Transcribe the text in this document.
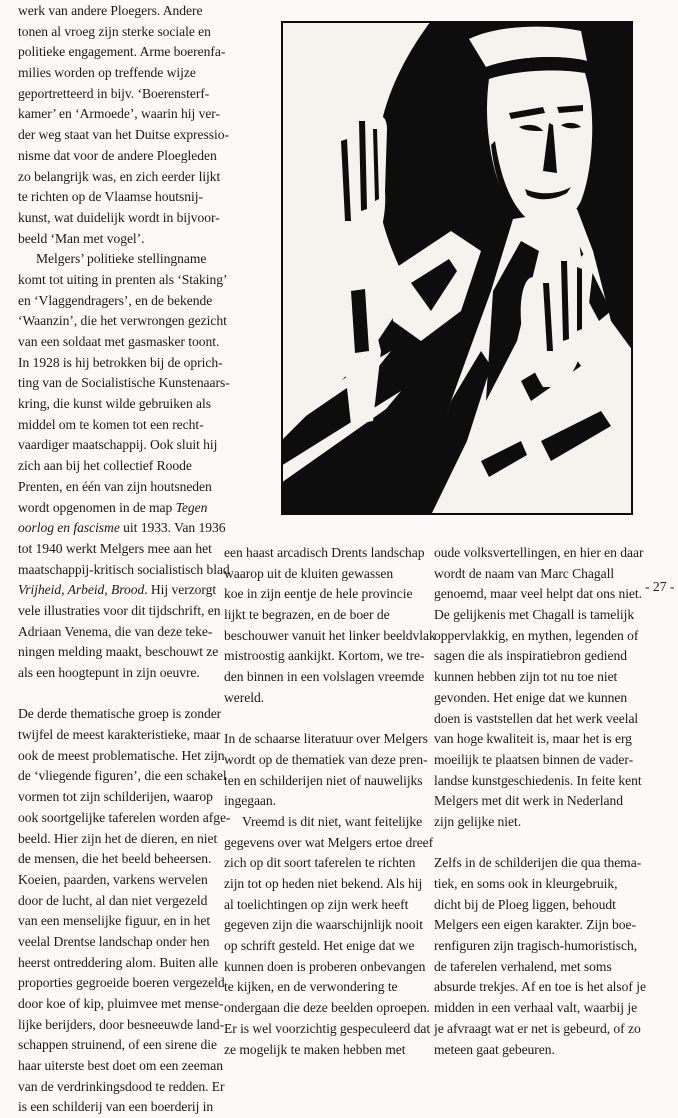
werk van andere Ploegers. Andere
tonen al vroeg zijn sterke sociale en
politieke engagement. Arme boerenfa-
milies worden op treffende wijze
geportretteerd in bijv. ‘Boerensterf-
kamer’ en ‘Armoede’, waarin hij ver-
der weg staat van het Duitse expressio-
nisme dat voor de andere Ploegleden
zo belangrijk was, en zich eerder lijkt
te richten op de Vlaamse houtsnij-
kunst, wat duidelijk wordt in bijvoor-
beeld ‘Man met vogel’.
Melgers’ politieke stellingname
komt tot uiting in prenten als ‘Staking’
en ‘Vlaggendragers’, en de bekende
‘Waanzin’, die het verwrongen gezicht
van een soldaat met gasmasker toont.
In 1928 is hij betrokken bij de oprich-
ting van de Socialistische Kunstenaars-
kring, die kunst wilde gebruiken als
middel om te komen tot een recht-
vaardiger maatschappij. Ook sluit hij
zich aan bij het collectief Roode
Prenten, en één van zijn houtsneden
wordt opgenomen in de map Tegen
oorlog en fascisme uit 1933. Van 1936
tot 1940 werkt Melgers mee aan het
maatschappij-kritisch socialistisch blad
Vrijheid, Arbeid, Brood. Hij verzorgt
vele illustraties voor dit tijdschrift, en
Adriaan Venema, die van deze teke-
ningen melding maakt, beschouwt ze
als een hoogtepunt in zijn oeuvre.
De derde thematische groep is zonder
twijfel de meest karakteristieke, maar
ook de meest problematische. Het zijn
de ‘vliegende figuren’, die een schakel
vormen tot zijn schilderijen, waarop
ook soortgelijke taferelen worden afge-
beeld. Hier zijn het de dieren, en niet
de mensen, die het beeld beheersen.
Koeien, paarden, varkens wervelen
door de lucht, al dan niet vergezeld
van een menselijke figuur, en in het
veelal Drentse landschap onder hen
heerst ontreddering alom. Buiten alle
proporties gegroeide boeren vergezeld
door koe of kip, pluimvee met mense-
lijke berijders, door besneeuwde land-
schappen struinend, of een sirene die
haar uiterste best doet om een zeeman
van de verdrinkingsdood te redden. Er
is een schilderij van een boerderij in
een haast arcadisch Drents landschap
waarop uit de kluiten gewassen
koe in zijn eentje de hele provincie
lijkt te begrazen, en de boer de
beschouwer vanuit het linker beeldvlak
mistroostig aankijkt. Kortom, we tre-
den binnen in een volslagen vreemde
wereld.
In de schaarse literatuur over Melgers
wordt op de thematiek van deze pren-
ten en schilderijen niet of nauwelijks
ingegaan.
Vreemd is dit niet, want feitelijke
gegevens over wat Melgers ertoe dreef
zich op dit soort taferelen te richten
zijn tot op heden niet bekend. Als hij
al toelichtingen op zijn werk heeft
gegeven zijn die waarschijnlijk nooit
op schrift gesteld. Het enige dat we
kunnen doen is proberen onbevangen
te kijken, en de verwondering te
ondergaan die deze beelden oproepen.
Er is wel voorzichtig gespeculeerd dat
ze mogelijk te maken hebben met
oude volksvertellingen, en hier en daar
wordt de naam van Marc Chagall
genoemd, maar veel helpt dat ons niet.
De gelijkenis met Chagall is tamelijk
oppervlakkig, en mythen, legenden of
sagen die als inspiratiebron gediend
kunnen hebben zijn tot nu toe niet
gevonden. Het enige dat we kunnen
doen is vaststellen dat het werk veelal
van hoge kwaliteit is, maar het is erg
moeilijk te plaatsen binnen de vader-
landse kunstgeschiedenis. In feite kent
Melgers met dit werk in Nederland
zijn gelijke niet.
Zelfs in de schilderijen die qua thema-
tiek, en soms ook in kleurgebruik,
dicht bij de Ploeg liggen, behoudt
Melgers een eigen karakter. Zijn boe-
renfiguren zijn tragisch-humoristisch,
de taferelen verhalend, met soms
absurde trekjes. Af en toe is het alsof je
midden in een verhaal valt, waarbij je
je afvraagt wat er net is gebeurd, of zo
meteen gaat gebeuren.
- 27 -
